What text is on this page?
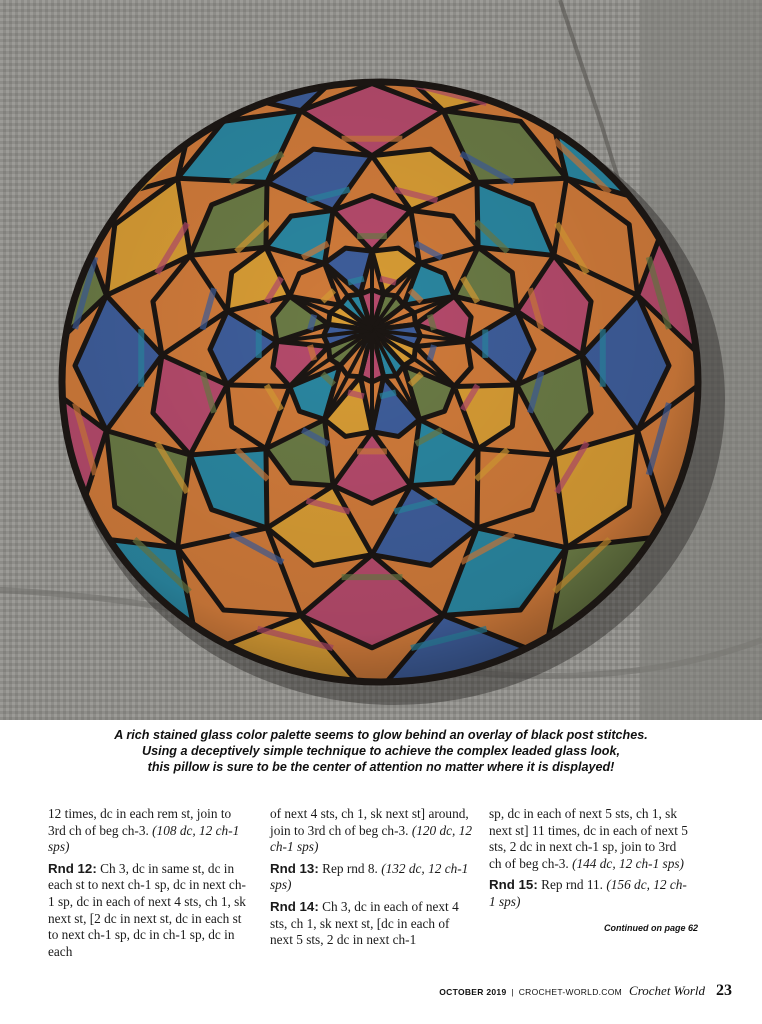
A rich stained glass color palette seems to glow behind an overlay of black post stitches.
Using a deceptively simple technique to achieve the complex leaded glass look,
this pillow is sure to be the center of attention no matter where it is displayed!

12 times, dc in each rem st, join to 3rd ch of beg ch-3. (108 dc, 12 ch-1 sps)

Rnd 12: Ch 3, dc in same st, dc in each st to next ch-1 sp, dc in next ch-1 sp, dc in each of next 4 sts, ch 1, sk next st, [2 dc in next st, dc in each st to next ch-1 sp, dc in ch-1 sp, dc in each

of next 4 sts, ch 1, sk next st] around, join to 3rd ch of beg ch-3. (120 dc, 12 ch-1 sps)

Rnd 13: Rep rnd 8. (132 dc, 12 ch-1 sps)

Rnd 14: Ch 3, dc in each of next 4 sts, ch 1, sk next st, [dc in each of next 5 sts, 2 dc in next ch-1

sp, dc in each of next 5 sts, ch 1, sk next st] 11 times, dc in each of next 5 sts, 2 dc in next ch-1 sp, join to 3rd ch of beg ch-3. (144 dc, 12 ch-1 sps)

Rnd 15: Rep rnd 11. (156 dc, 12 ch-1 sps)

Continued on page 62
OCTOBER 2019 | CROCHET-WORLD.COM Crochet World 23
